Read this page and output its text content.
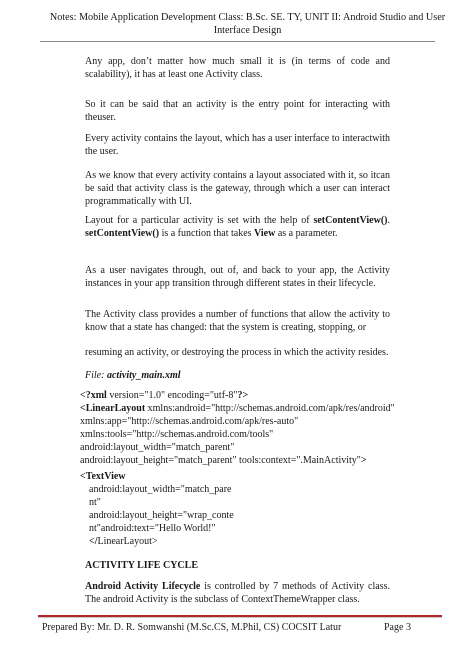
Notes: Mobile Application Development Class: B.Sc. SE. TY, UNIT II: Android Studio and User
Interface Design

Any app, don’t matter how much small it is (in terms of code and scalability), it has at least one Activity class.

So it can be said that an activity is the entry point for interacting with theuser.

Every activity contains the layout, which has a user interface to interactwith the user.

As we know that every activity contains a layout associated with it, so itcan be said that activity class is the gateway, through which a user can interact programmatically with UI.

Layout for a particular activity is set with the help of setContentView(). setContentView() is a function that takes View as a parameter.

As a user navigates through, out of, and back to your app, the Activity instances in your app transition through different states in their lifecycle.

The Activity class provides a number of functions that allow the activity to know that a state has changed: that the system is creating, stopping, or

resuming an activity, or destroying the process in which the activity resides.

File: activity_main.xml

<?xml version="1.0" encoding="utf-8"?>
<LinearLayout xmlns:android="http://schemas.android.com/apk/res/android"
xmlns:app="http://schemas.android.com/apk/res-auto"
xmlns:tools="http://schemas.android.com/tools"
android:layout_width="match_parent"
android:layout_height="match_parent" tools:context=".MainActivity">
<TextView
android:layout_width="match_pare
nt"
android:layout_height="wrap_conte
nt"android:text="Hello World!"
</LinearLayout>
ACTIVITY LIFE CYCLE

Android Activity Lifecycle is controlled by 7 methods of Activity class. The android Activity is the subclass of ContextThemeWrapper class.

Prepared By: Mr. D. R. Somwanshi (M.Sc.CS, M.Phil, CS) COCSIT Latur	Page 3
